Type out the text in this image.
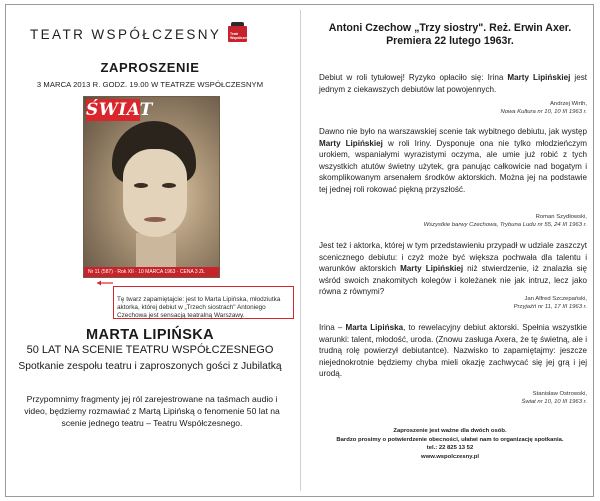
TEATR WSPÓŁCZESNY Teatr Współczesny
ZAPROSZENIE
3 MARCA 2013 R. GODZ. 19.00 W TEATRZE WSPÓŁCZESNYM
ŚWIAT
Nr 11 (587) · Rok XII · 10 MARCA 1963 · CENA 3 ZŁ
Tę twarz zapamiętajcie: jest to Marta Lipińska, młodziutka aktorka, której debiut w „Trzech siostrach" Antoniego Czechowa jest sensacją teatralną Warszawy.
MARTA LIPIŃSKA
50 LAT NA SCENIE TEATRU WSPÓŁCZESNEGO
Spotkanie zespołu teatru i zaproszonych gości z Jubilatką
Przypomnimy fragmenty jej ról zarejestrowane na taśmach audio i video, będziemy rozmawiać z Martą Lipińską o fenomenie 50 lat na scenie jednego teatru – Teatru Współczesnego.
Antoni Czechow „Trzy siostry". Reż. Erwin Axer.
Premiera 22 lutego 1963r.
Debiut w roli tytułowej! Ryzyko opłaciło się: Irina Marty Lipińskiej jest jednym z ciekawszych debiutów lat powojennych.
Andrzej Wirth,
Nowa Kultura nr 10, 10 III 1963 r.
Dawno nie było na warszawskiej scenie tak wybitnego debiutu, jak występ Marty Lipińskiej w roli Iriny. Dysponuje ona nie tylko młodzieńczym urokiem, wspaniałymi wyrazistymi oczyma, ale umie już robić z tych wszystkich atutów świetny użytek, gra panując całkowicie nad bogatym i skomplikowanym arsenałem środków aktorskich. Można jej na podstawie tej jednej roli rokować piękną przyszłość.
Roman Szydłowski,
Wszystkie barwy Czechowa, Trybuna Ludu nr 55, 24 III 1963 r.
Jest też i aktorka, której w tym przedstawieniu przypadł w udziale zaszczyt scenicznego debiutu: i czyż może być większa pochwała dla talentu i warunków aktorskich Marty Lipińskiej niż stwierdzenie, iż znalazła się wśród swoich znakomitych kolegów i koleżanek nie jak intruz, lecz jako równa z równymi?
Jan Alfred Szczepański,
Przyjaźń nr 11, 17 III 1963 r.
Irina – Marta Lipińska, to rewelacyjny debiut aktorski. Spełnia wszystkie warunki: talent, młodość, uroda. (Znowu zasługa Axera, że tę świetną, ale i trudną rolę powierzył debiutantce). Nazwisko to zapamiętajmy: jeszcze niejednokrotnie będziemy chyba mieli okazję zachwycać się jej grą i jej urodą.
Stanisław Ostrowski,
Świat nr 10, 10 III 1963 r.
Zaproszenie jest ważne dla dwóch osób.
Bardzo prosimy o potwierdzenie obecności, ułatwi nam to organizację spotkania.
tel.: 22 825 13 52
www.wspolczesny.pl
